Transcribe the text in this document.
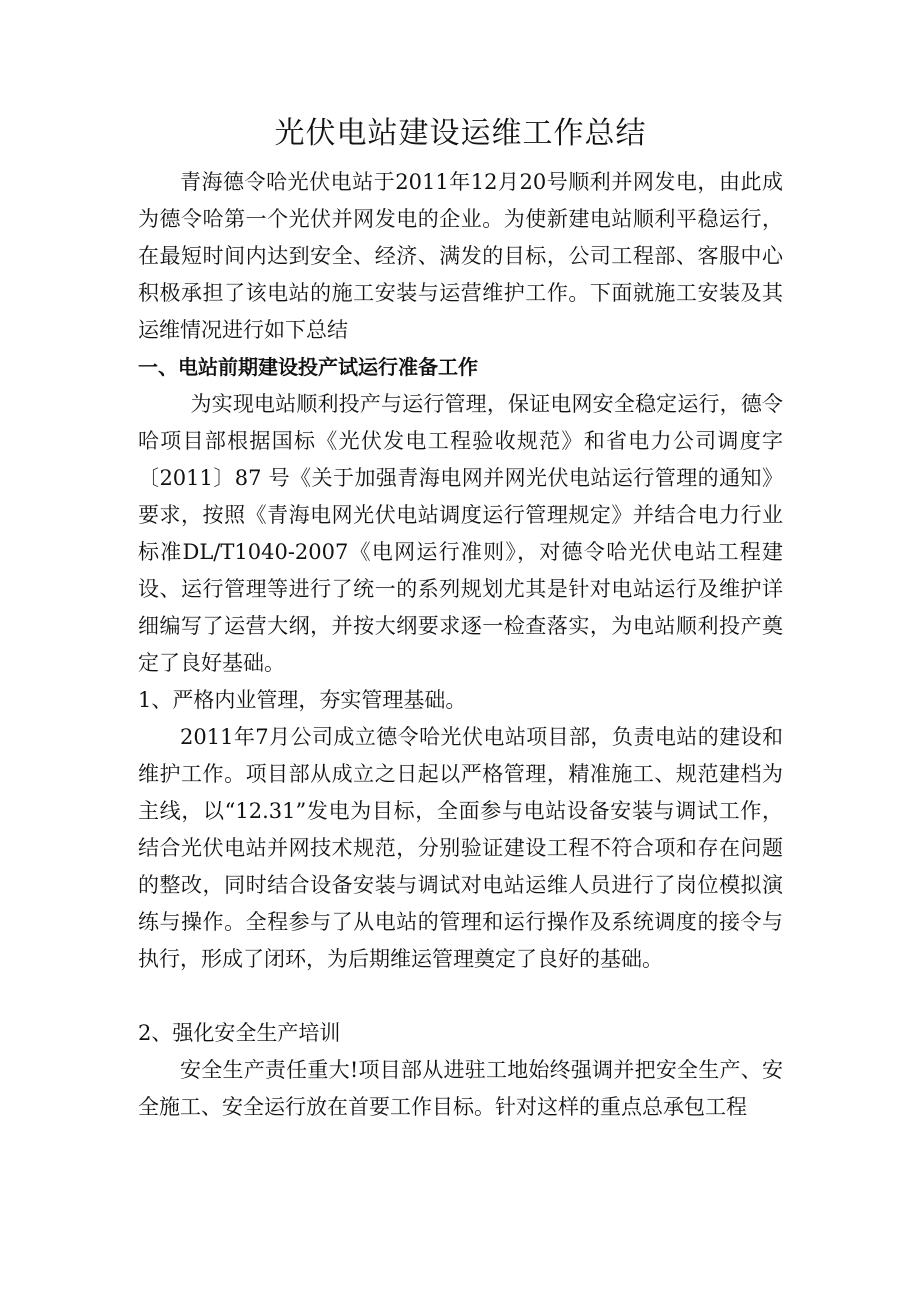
光伏电站建设运维工作总结

青海德令哈光伏电站于2011年12月20号顺利并网发电，由此成为德令哈第一个光伏并网发电的企业。为使新建电站顺利平稳运行，在最短时间内达到安全、经济、满发的目标，公司工程部、客服中心积极承担了该电站的施工安装与运营维护工作。下面就施工安装及其运维情况进行如下总结

一、电站前期建设投产试运行准备工作

为实现电站顺利投产与运行管理，保证电网安全稳定运行，德令哈项目部根据国标《光伏发电工程验收规范》和省电力公司调度字〔2011〕87 号《关于加强青海电网并网光伏电站运行管理的通知》要求，按照《青海电网光伏电站调度运行管理规定》并结合电力行业标准DL/T1040-2007《电网运行准则》，对德令哈光伏电站工程建设、运行管理等进行了统一的系列规划尤其是针对电站运行及维护详细编写了运营大纲，并按大纲要求逐一检查落实，为电站顺利投产奠定了良好基础。

1、严格内业管理，夯实管理基础。

2011年7月公司成立德令哈光伏电站项目部，负责电站的建设和维护工作。项目部从成立之日起以严格管理，精准施工、规范建档为主线，以“12.31”发电为目标，全面参与电站设备安装与调试工作，结合光伏电站并网技术规范，分别验证建设工程不符合项和存在问题的整改，同时结合设备安装与调试对电站运维人员进行了岗位模拟演练与操作。全程参与了从电站的管理和运行操作及系统调度的接令与执行，形成了闭环，为后期维运管理奠定了良好的基础。

2、强化安全生产培训

安全生产责任重大!项目部从进驻工地始终强调并把安全生产、安全施工、安全运行放在首要工作目标。针对这样的重点总承包工程
